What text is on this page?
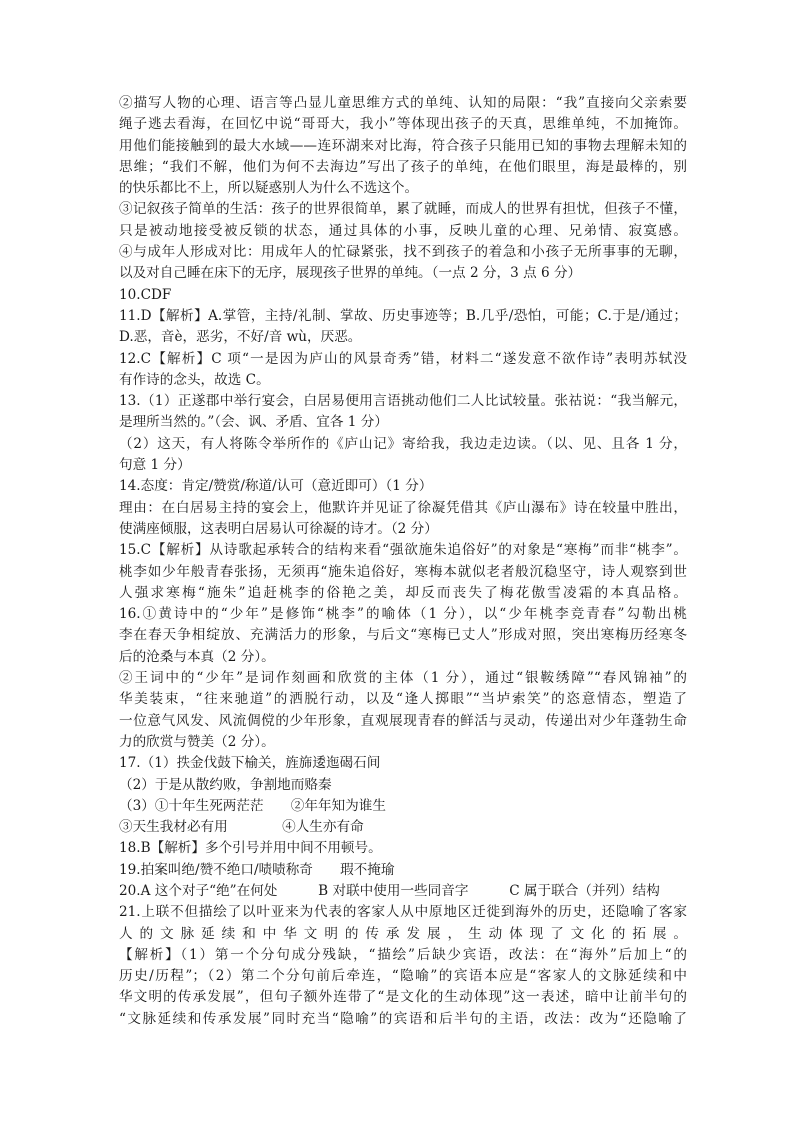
②描写人物的心理、语言等凸显儿童思维方式的单纯、认知的局限：“我”直接向父亲索要
绳子逃去看海，在回忆中说“哥哥大，我小”等体现出孩子的天真，思维单纯，不加掩饰。
用他们能接触到的最大水域——连环湖来对比海，符合孩子只能用已知的事物去理解未知的
思维；“我们不解，他们为何不去海边”写出了孩子的单纯，在他们眼里，海是最棒的，别
的快乐都比不上，所以疑惑别人为什么不选这个。
③记叙孩子简单的生活：孩子的世界很简单，累了就睡，而成人的世界有担忧，但孩子不懂，
只是被动地接受被反锁的状态，通过具体的小事，反映儿童的心理、兄弟情、寂寞感。
④与成年人形成对比：用成年人的忙碌紧张，找不到孩子的着急和小孩子无所事事的无聊，
以及对自己睡在床下的无序，展现孩子世界的单纯。（一点 2 分，3 点 6 分）
10.CDF
11.D【解析】A.掌管，主持/礼制、掌故、历史事迹等；B.几乎/恐怕，可能；C.于是/通过；
D.恶，音è，恶劣，不好/音 wù，厌恶。
12.C【解析】C 项“一是因为庐山的风景奇秀”错，材料二“遂发意不欲作诗”表明苏轼没
有作诗的念头，故选 C。
13.（1）正遂郡中举行宴会，白居易便用言语挑动他们二人比试较量。张祜说：“我当解元，
是理所当然的。”（会、讽、矛盾、宜各 1 分）
（2）这天，有人将陈令举所作的《庐山记》寄给我，我边走边读。（以、见、且各 1 分，
句意 1 分）
14.态度：肯定/赞赏/称道/认可（意近即可）（1 分）
理由：在白居易主持的宴会上，他默许并见证了徐凝凭借其《庐山瀑布》诗在较量中胜出，
使满座倾服，这表明白居易认可徐凝的诗才。（2 分）
15.C【解析】从诗歌起承转合的结构来看“强欲施朱追俗好”的对象是“寒梅”而非“桃李”。
桃李如少年般青春张扬，无须再“施朱追俗好，寒梅本就似老者般沉稳坚守，诗人观察到世
人强求寒梅“施朱”追赶桃李的俗艳之美，却反而丧失了梅花傲雪凌霜的本真品格。
16.①黄诗中的“少年”是修饰“桃李”的喻体（1 分），以“少年桃李竞青春”勾勒出桃
李在春天争相绽放、充满活力的形象，与后文“寒梅已丈人”形成对照，突出寒梅历经寒冬
后的沧桑与本真（2 分）。
②王词中的“少年”是词作刻画和欣赏的主体（1 分），通过“银鞍绣障”“春风锦袖”的
华美装束，“往来驰道”的洒脱行动，以及“逢人掷眼”“当垆索笑”的恣意情态，塑造了
一位意气风发、风流倜傥的少年形象，直观展现青春的鲜活与灵动，传递出对少年蓬勃生命
力的欣赏与赞美（2 分）。
17.（1）抶金伐鼓下榆关，旌旆逶迤碣石间
（2）于是从散约败，争割地而赂秦
（3）①十年生死两茫茫　　②年年知为谁生
③天生我材必有用　　　　④人生亦有命
18.B【解析】多个引号并用中间不用顿号。
19.拍案叫绝/赞不绝口/啧啧称奇　　瑕不掩瑜
20.A 这个对子“绝”在何处　　　B 对联中使用一些同音字　　　C 属于联合（并列）结构
21.上联不但描绘了以叶亚来为代表的客家人从中原地区迁徙到海外的历史，还隐喻了客家
人的文脉延续和中华文明的传承发展，生动体现了文化的拓展。
【解析】（1）第一个分句成分残缺，“描绘”后缺少宾语，改法：在“海外”后加上“的
历史/历程”；（2）第二个分句前后牵连，“隐喻”的宾语本应是“客家人的文脉延续和中
华文明的传承发展”，但句子额外连带了“是文化的生动体现”这一表述，暗中让前半句的
“文脉延续和传承发展”同时充当“隐喻”的宾语和后半句的主语，改法：改为“还隐喻了
